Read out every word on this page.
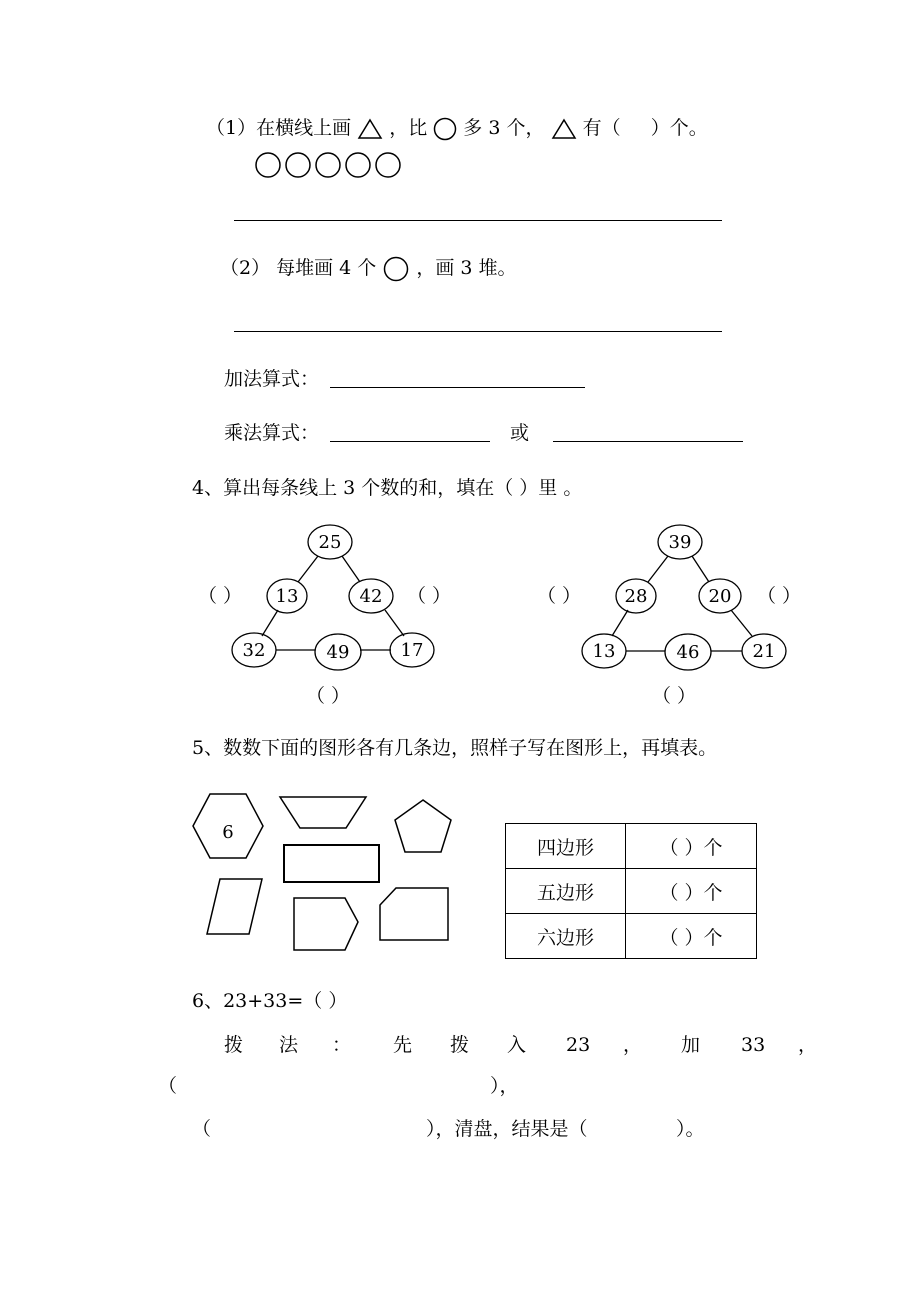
（1）在横线上画 ，比 多 3 个， 有（ ）个。
（2） 每堆画 4 个 ，画 3 堆。
加法算式：
乘法算式：	或
4、算出每条线上 3 个数的和，填在（ ）里 。
25
13	42
32	49	17
39
28	20
13	46	21
（ ）	（ ）
（ ）
（ ）	（ ）
（ ）
5、数数下面的图形各有几条边，照样子写在图形上，再填表。
6
四边形	（ ）个
五边形	（ ）个
六边形	（ ）个
6、23+33=（ ）
拨 法 ： 先 拨 入 23 ， 加 33 ，
（	），
（	），清盘，结果是（	）。
